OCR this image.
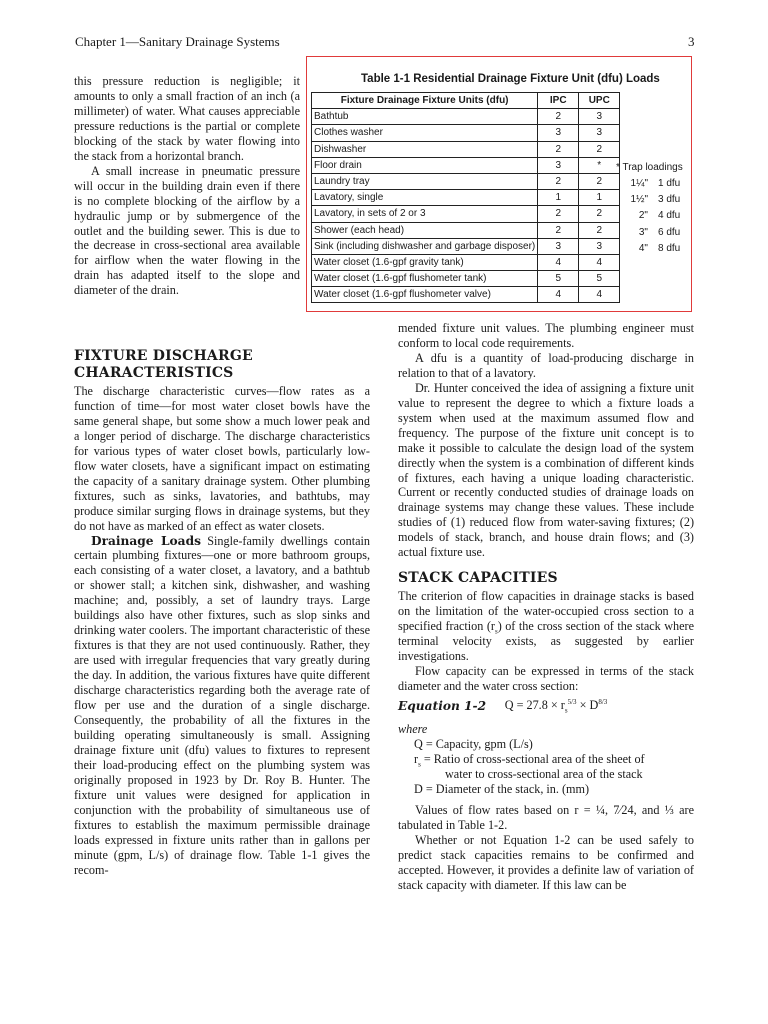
Chapter 1—Sanitary Drainage Systems	3

this pressure reduction is negligible; it amounts to only a small fraction of an inch (a millimeter) of water. What causes appreciable pressure reductions is the partial or complete blocking of the stack by water flowing into the stack from a horizontal branch.

A small increase in pneumatic pressure will occur in the building drain even if there is no complete blocking of the airflow by a hydraulic jump or by submergence of the outlet and the building sewer. This is due to the decrease in cross-sectional area available for airflow when the water flowing in the drain has adapted itself to the slope and diameter of the drain.

Table 1-1 Residential Drainage Fixture Unit (dfu) Loads
Fixture Drainage Fixture Units (dfu)	IPC	UPC
Bathtub	2	3
Clothes washer	3	3
Dishwasher	2	2
Floor drain	3	*
Laundry tray	2	2
Lavatory, single	1	1
Lavatory, in sets of 2 or 3	2	2
Shower (each head)	2	2
Sink (including dishwasher and garbage disposer)	3	3
Water closet (1.6-gpf gravity tank)	4	4
Water closet (1.6-gpf flushometer tank)	5	5
Water closet (1.6-gpf flushometer valve)	4	4
* Trap loadings
1¼" 1 dfu
1½" 3 dfu
2" 4 dfu
3" 6 dfu
4" 8 dfu
FIXTURE DISCHARGE CHARACTERISTICS

The discharge characteristic curves—flow rates as a function of time—for most water closet bowls have the same general shape, but some show a much lower peak and a longer period of discharge. The discharge characteristics for various types of water closet bowls, particularly low-flow water closets, have a significant impact on estimating the capacity of a sanitary drainage system. Other plumbing fixtures, such as sinks, lavatories, and bathtubs, may produce similar surging flows in drainage systems, but they do not have as marked of an effect as water closets.

Drainage Loads Single-family dwellings contain certain plumbing fixtures—one or more bathroom groups, each consisting of a water closet, a lavatory, and a bathtub or shower stall; a kitchen sink, dishwasher, and washing machine; and, possibly, a set of laundry trays. Large buildings also have other fixtures, such as slop sinks and drinking water coolers. The important characteristic of these fixtures is that they are not used continuously. Rather, they are used with irregular frequencies that vary greatly during the day. In addition, the various fixtures have quite different discharge characteristics regarding both the average rate of flow per use and the duration of a single discharge. Consequently, the probability of all the fixtures in the building operating simultaneously is small. Assigning drainage fixture unit (dfu) values to fixtures to represent their load-producing effect on the plumbing system was originally proposed in 1923 by Dr. Roy B. Hunter. The fixture unit values were designed for application in conjunction with the probability of simultaneous use of fixtures to establish the maximum permissible drainage loads expressed in fixture units rather than in gallons per minute (gpm, L/s) of drainage flow. Table 1-1 gives the recom-

mended fixture unit values. The plumbing engineer must conform to local code requirements.

A dfu is a quantity of load-producing discharge in relation to that of a lavatory.

Dr. Hunter conceived the idea of assigning a fixture unit value to represent the degree to which a fixture loads a system when used at the maximum assumed flow and frequency. The purpose of the fixture unit concept is to make it possible to calculate the design load of the system directly when the system is a combination of different kinds of fixtures, each having a unique loading characteristic. Current or recently conducted studies of drainage loads on drainage systems may change these values. These include studies of (1) reduced flow from water-saving fixtures; (2) models of stack, branch, and house drain flows; and (3) actual fixture use.

STACK CAPACITIES

The criterion of flow capacities in drainage stacks is based on the limitation of the water-occupied cross section to a specified fraction $(r_s)$ of the cross section of the stack where terminal velocity exists, as suggested by earlier investigations.

Flow capacity can be expressed in terms of the stack diameter and the water cross section:

Equation 1-2	$Q = 27.8 \times r_s^{5/3} \times D^{8/3}$
where
Q = Capacity, gpm (L/s)
$r_s$ = Ratio of cross-sectional area of the sheet of
water to cross-sectional area of the stack
D = Diameter of the stack, in. (mm)

Values of flow rates based on r = ¼, 7⁄24, and ⅓ are tabulated in Table 1-2.

Whether or not Equation 1-2 can be used safely to predict stack capacities remains to be confirmed and accepted. However, it provides a definite law of variation of stack capacity with diameter. If this law can be
